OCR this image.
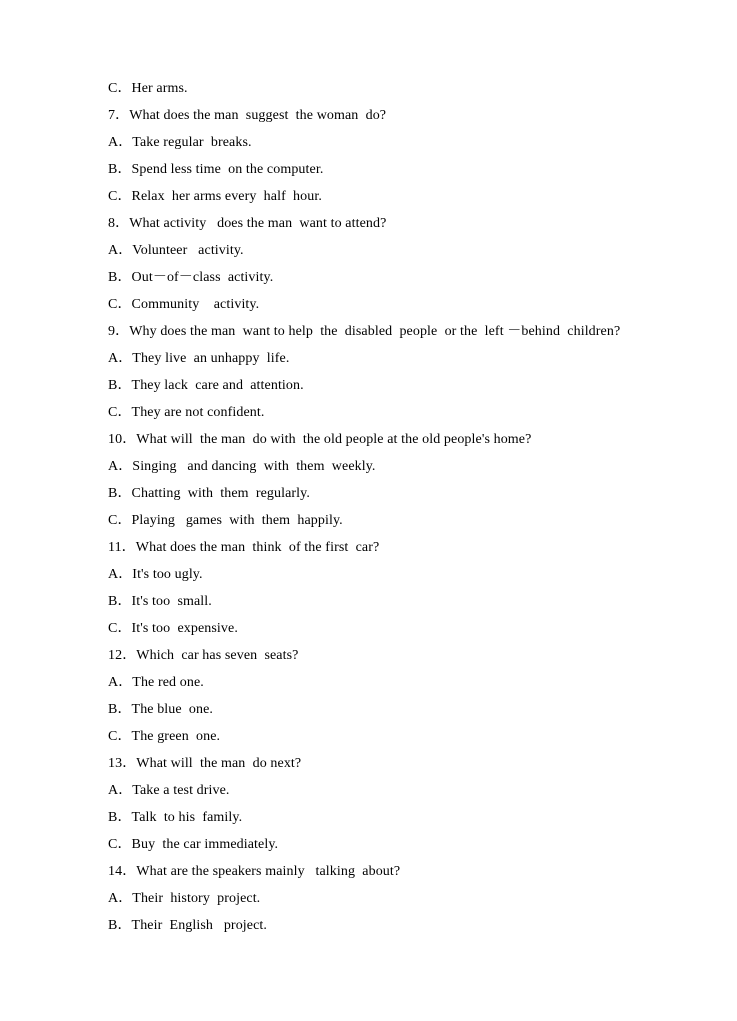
C．Her arms.
7．What does the man  suggest  the woman  do?
A．Take regular  breaks.
B．Spend less time  on the computer.
C．Relax  her arms every  half  hour.
8．What activity   does the man  want to attend?
A．Volunteer   activity.
B．Out－of－class  activity.
C．Community    activity.
9．Why does the man  want to help  the  disabled  people  or the  left －behind  children?
A．They live  an unhappy  life.
B．They lack  care and  attention.
C．They are not confident.
10．What will  the man  do with  the old people at the old people's home?
A．Singing   and dancing  with  them  weekly.
B．Chatting  with  them  regularly.
C．Playing   games  with  them  happily.
11．What does the man  think  of the first  car?
A．It's too ugly.
B．It's too  small.
C．It's too  expensive.
12．Which  car has seven  seats?
A．The red one.
B．The blue  one.
C．The green  one.
13．What will  the man  do next?
A．Take a test drive.
B．Talk  to his  family.
C．Buy  the car immediately.
14．What are the speakers mainly   talking  about?
A．Their  history  project.
B．Their  English   project.
